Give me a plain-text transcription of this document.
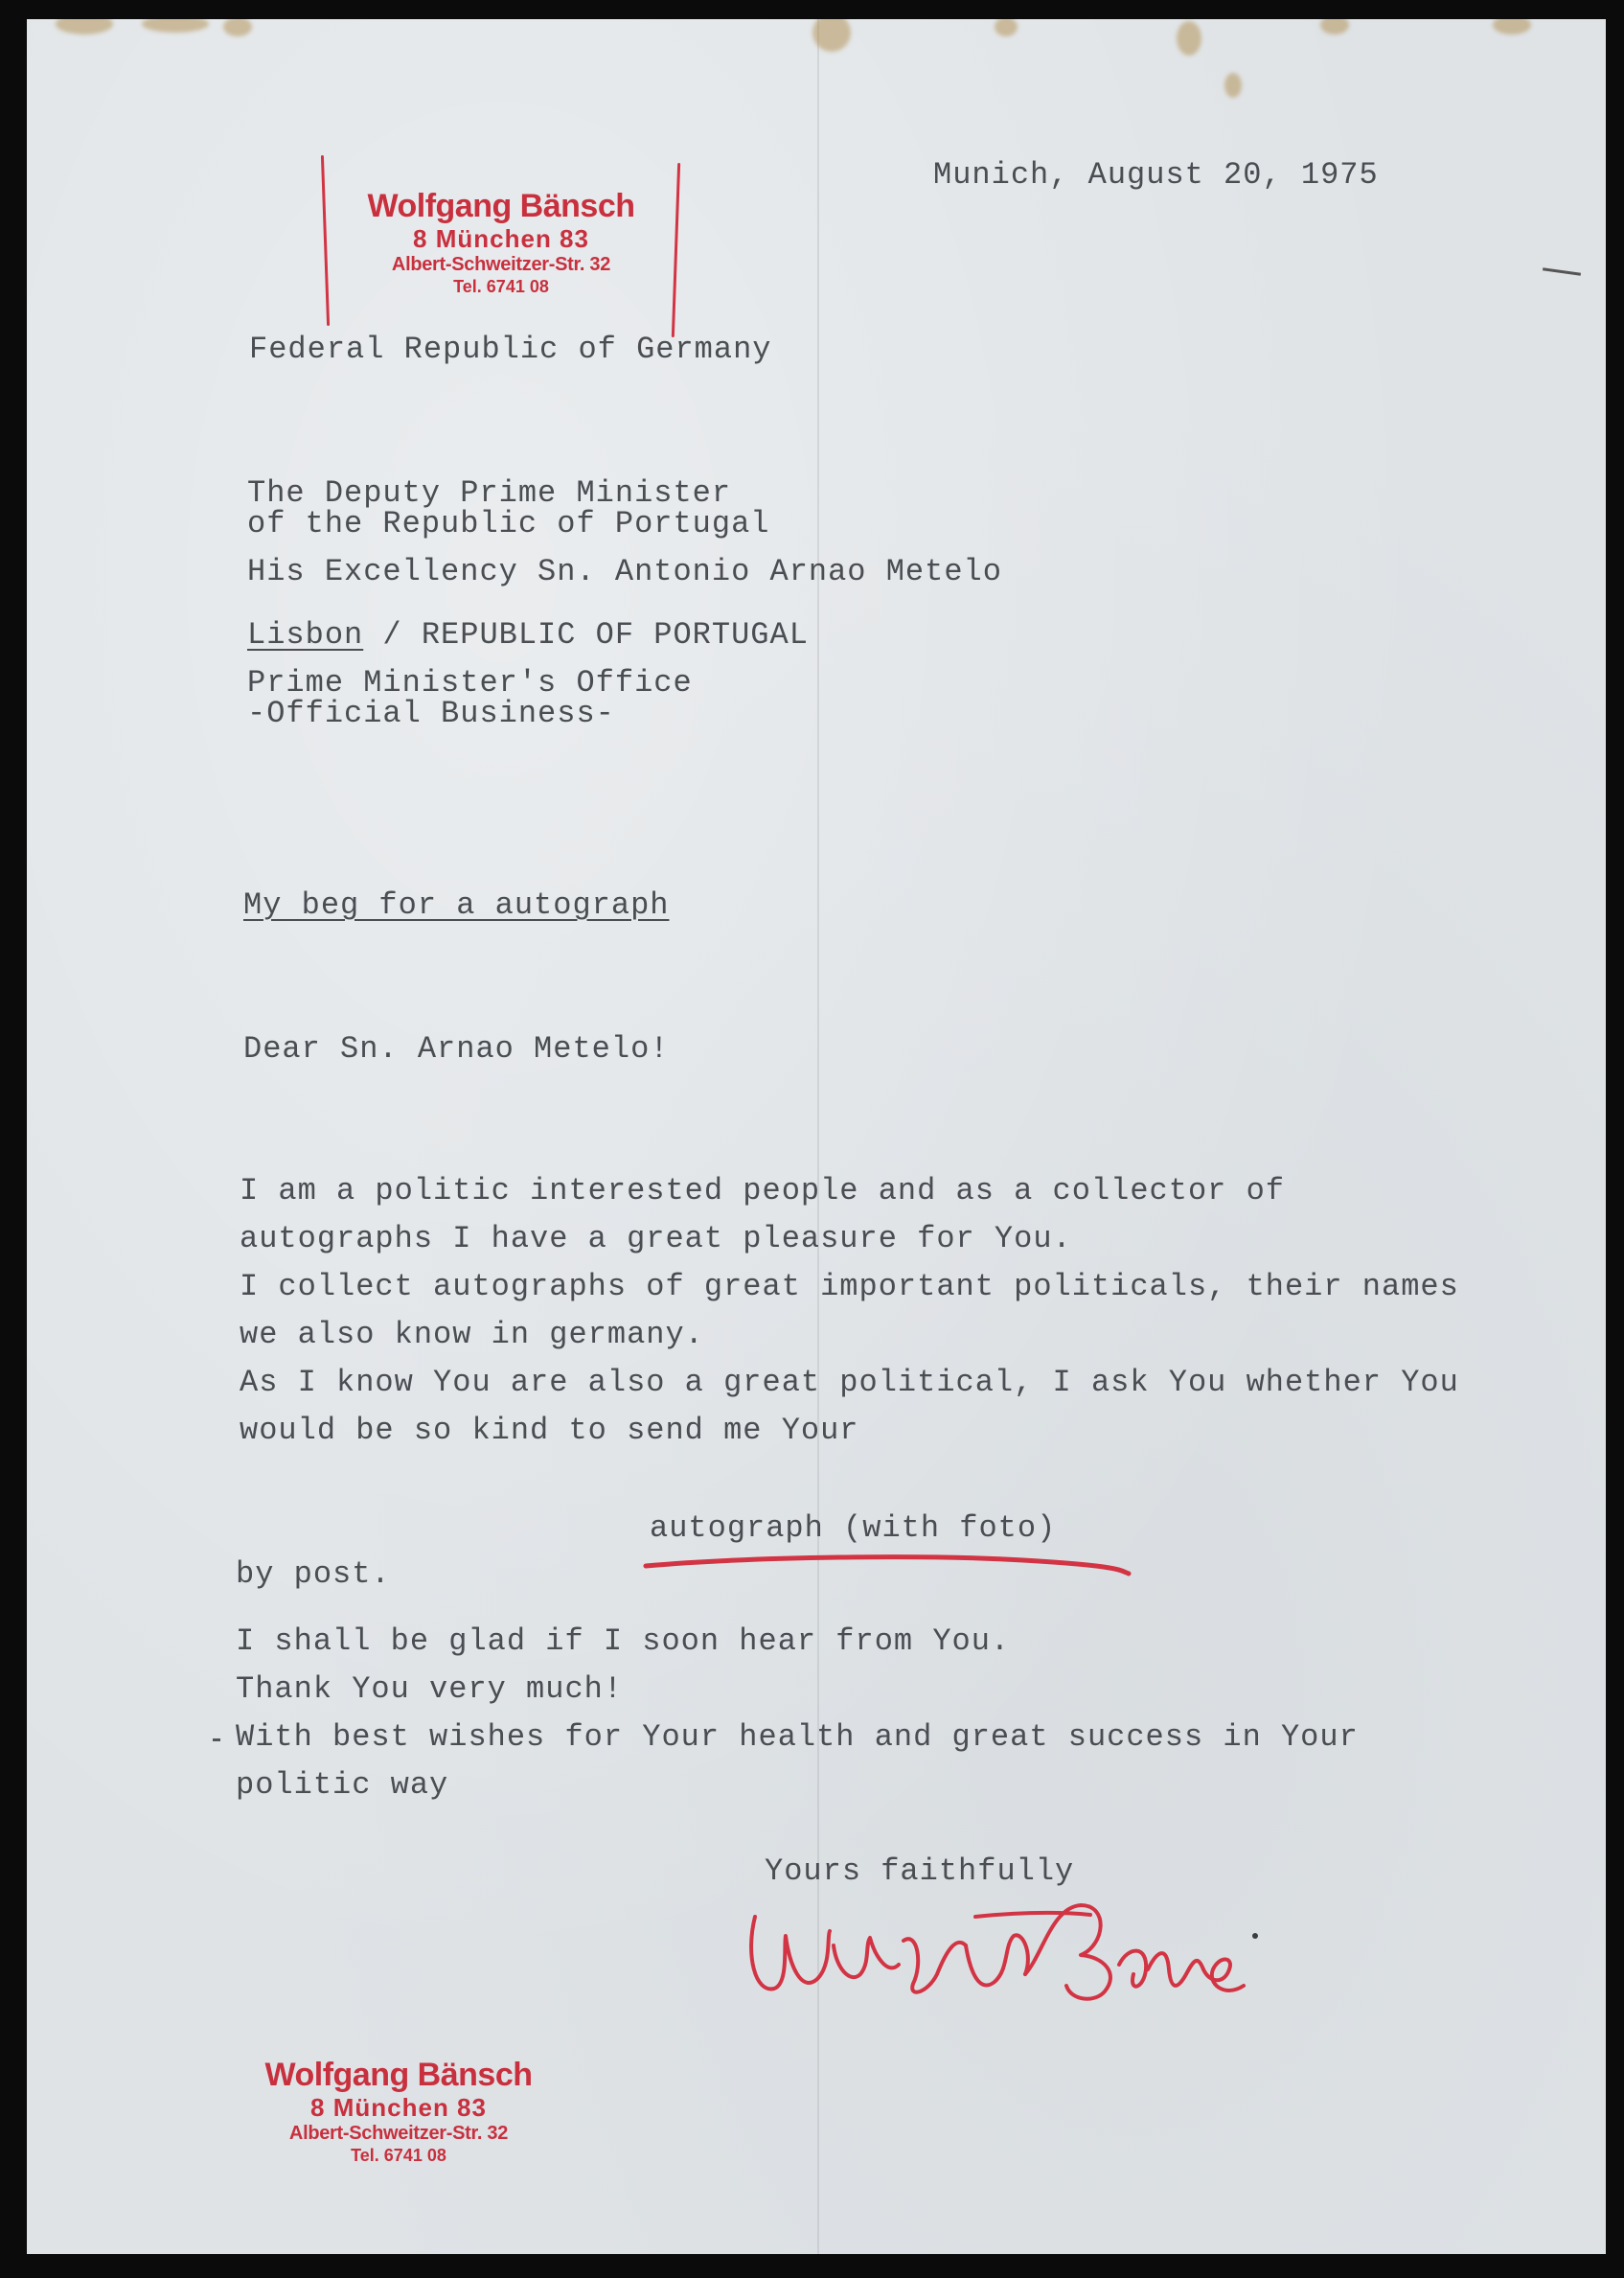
Wolfgang Bänsch
8 München 83
Albert-Schweitzer-Str. 32
Tel. 6741 08
Munich, August 20, 1975
Federal Republic of Germany
The Deputy Prime Minister
of the Republic of Portugal
His Excellency Sn. Antonio Arnao Metelo
Lisbon / REPUBLIC OF PORTUGAL
Prime Minister's Office
-Official Business-
My beg for a autograph
Dear Sn. Arnao Metelo!
I am a politic interested people and as a collector of
autographs I have a great pleasure for You.
I collect autographs of great important politicals, their names
we also know in germany.
As I know You are also a great political, I ask You whether You
would be so kind to send me Your
autograph (with foto)
by post.
I shall be glad if I soon hear from You.
Thank You very much!
With best wishes for Your health and great success in Your
politic way
Yours faithfully
Wolfgang Bänsch
8 München 83
Albert-Schweitzer-Str. 32
Tel. 6741 08
